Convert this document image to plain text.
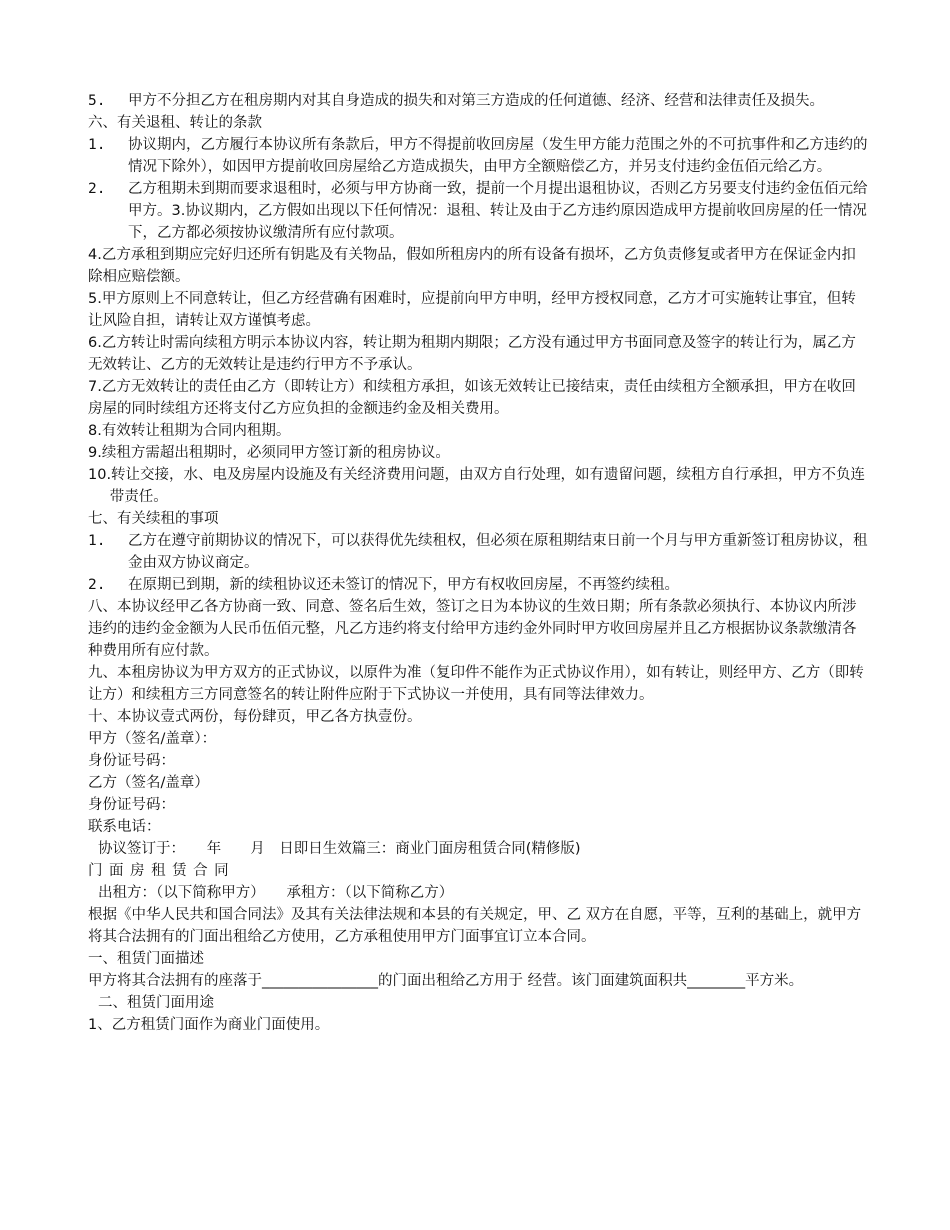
5.	甲方不分担乙方在租房期内对其自身造成的损失和对第三方造成的任何道德、经济、经营和法律责任及损失。
六、有关退租、转让的条款
1.	协议期内，乙方履行本协议所有条款后，甲方不得提前收回房屋（发生甲方能力范围之外的不可抗事件和乙方违约的情况下除外），如因甲方提前收回房屋给乙方造成损失，由甲方全额赔偿乙方，并另支付违约金伍佰元给乙方。
2.	乙方租期未到期而要求退租时，必须与甲方协商一致，提前一个月提出退租协议，否则乙方另要支付违约金伍佰元给甲方。3.协议期内，乙方假如出现以下任何情况：退租、转让及由于乙方违约原因造成甲方提前收回房屋的任一情况下，乙方都必须按协议缴清所有应付款项。
4.乙方承租到期应完好归还所有钥匙及有关物品，假如所租房内的所有设备有损坏，乙方负责修复或者甲方在保证金内扣除相应赔偿额。
5.甲方原则上不同意转让，但乙方经营确有困难时，应提前向甲方申明，经甲方授权同意，乙方才可实施转让事宜，但转让风险自担，请转让双方谨慎考虑。
6.乙方转让时需向续租方明示本协议内容，转让期为租期内期限；乙方没有通过甲方书面同意及签字的转让行为，属乙方无效转让、乙方的无效转让是违约行甲方不予承认。
7.乙方无效转让的责任由乙方（即转让方）和续租方承担，如该无效转让已接结束，责任由续租方全额承担，甲方在收回房屋的同时续组方还将支付乙方应负担的金额违约金及相关费用。
8.有效转让租期为合同内租期。
9.续租方需超出租期时，必须同甲方签订新的租房协议。
10.转让交接，水、电及房屋内设施及有关经济费用问题，由双方自行处理，如有遗留问题，续租方自行承担，甲方不负连带责任。
七、有关续租的事项
1.	乙方在遵守前期协议的情况下，可以获得优先续租权，但必须在原租期结束日前一个月与甲方重新签订租房协议，租金由双方协议商定。
2.	在原期已到期，新的续租协议还未签订的情况下，甲方有权收回房屋，不再签约续租。
八、本协议经甲乙各方协商一致、同意、签名后生效，签订之日为本协议的生效日期；所有条款必须执行、本协议内所涉违约的违约金金额为人民币伍佰元整，凡乙方违约将支付给甲方违约金外同时甲方收回房屋并且乙方根据协议条款缴清各种费用所有应付款。
九、本租房协议为甲方双方的正式协议，以原件为准（复印件不能作为正式协议作用），如有转让，则经甲方、乙方（即转让方）和续租方三方同意签名的转让附件应附于下式协议一并使用，具有同等法律效力。
十、本协议壹式两份，每份肆页，甲乙各方执壹份。
甲方（签名/盖章）：
身份证号码：
乙方（签名/盖章）
身份证号码：
联系电话：
协议签订于：　　年　　月　日即日生效篇三：商业门面房租赁合同(精修版)
门面房租赁合同
出租方：（以下简称甲方）　　承租方：（以下简称乙方）
根据《中华人民共和国合同法》及其有关法律法规和本县的有关规定，甲、乙 双方在自愿，平等，互利的基础上，就甲方将其合法拥有的门面出租给乙方使用，乙方承租使用甲方门面事宜订立本合同。
一、租赁门面描述
甲方将其合法拥有的座落于________________的门面出租给乙方用于 经营。该门面建筑面积共________平方米。
二、租赁门面用途
1、乙方租赁门面作为商业门面使用。
